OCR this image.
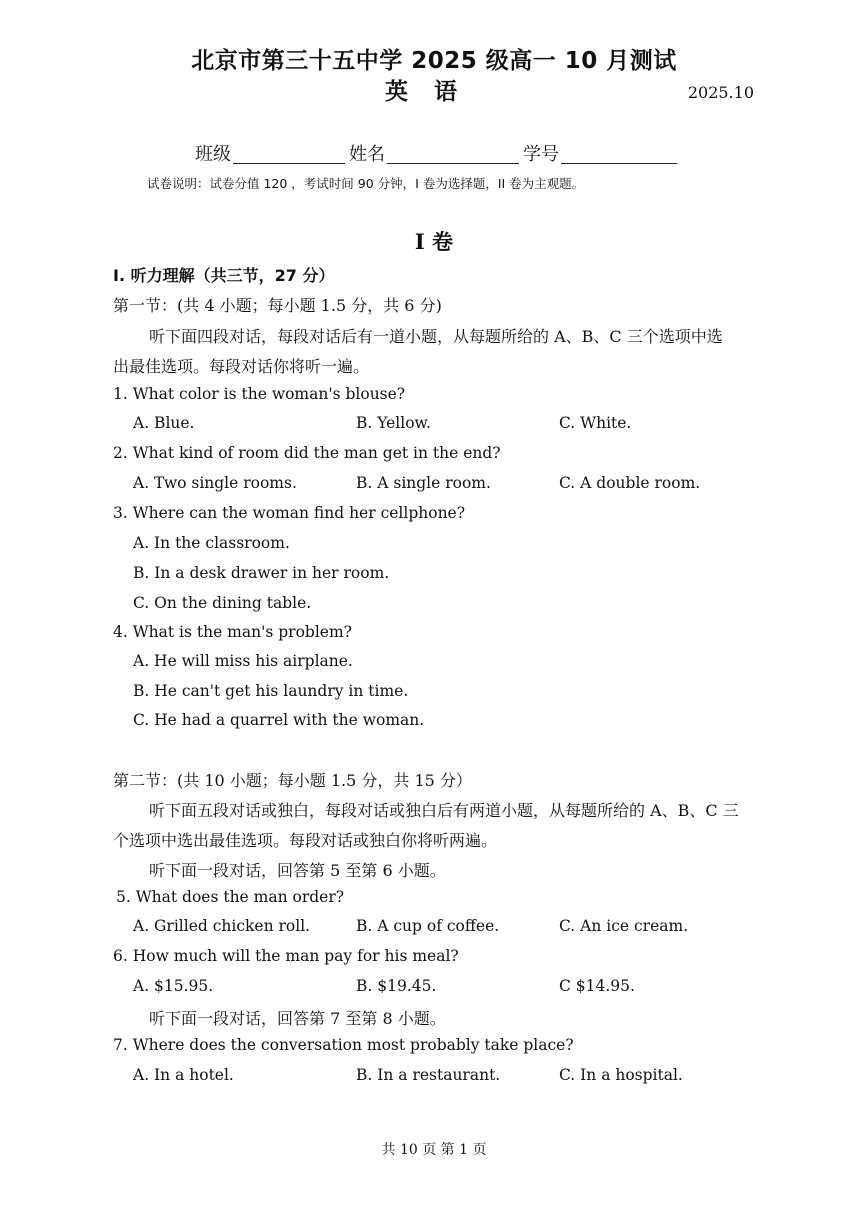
北京市第三十五中学 2025 级高一 10 月测试
英语	2025.10
班级	姓名	学号
试卷说明：试卷分值 120 ，考试时间 90 分钟，I 卷为选择题，II 卷为主观题。
I 卷
I. 听力理解（共三节，27 分）
第一节：(共 4 小题；每小题 1.5 分，共 6 分)
听下面四段对话，每段对话后有一道小题，从每题所给的 A、B、C 三个选项中选
出最佳选项。每段对话你将听一遍。
1. What color is the woman's blouse?
A. Blue.	B. Yellow.	C. White.
2. What kind of room did the man get in the end?
A. Two single rooms.	B. A single room.	C. A double room.
3. Where can the woman find her cellphone?
A. In the classroom.
B. In a desk drawer in her room.
C. On the dining table.
4. What is the man's problem?
A. He will miss his airplane.
B. He can't get his laundry in time.
C. He had a quarrel with the woman.
第二节：(共 10 小题；每小题 1.5 分，共 15 分）
听下面五段对话或独白，每段对话或独白后有两道小题，从每题所给的 A、B、C 三
个选项中选出最佳选项。每段对话或独白你将听两遍。
听下面一段对话，回答第 5 至第 6 小题。
5. What does the man order?
A. Grilled chicken roll.	B. A cup of coffee.	C. An ice cream.
6. How much will the man pay for his meal?
A. $15.95.	B. $19.45.	C $14.95.
听下面一段对话，回答第 7 至第 8 小题。
7. Where does the conversation most probably take place?
A. In a hotel.	B. In a restaurant.	C. In a hospital.
共 10 页 第 1 页
